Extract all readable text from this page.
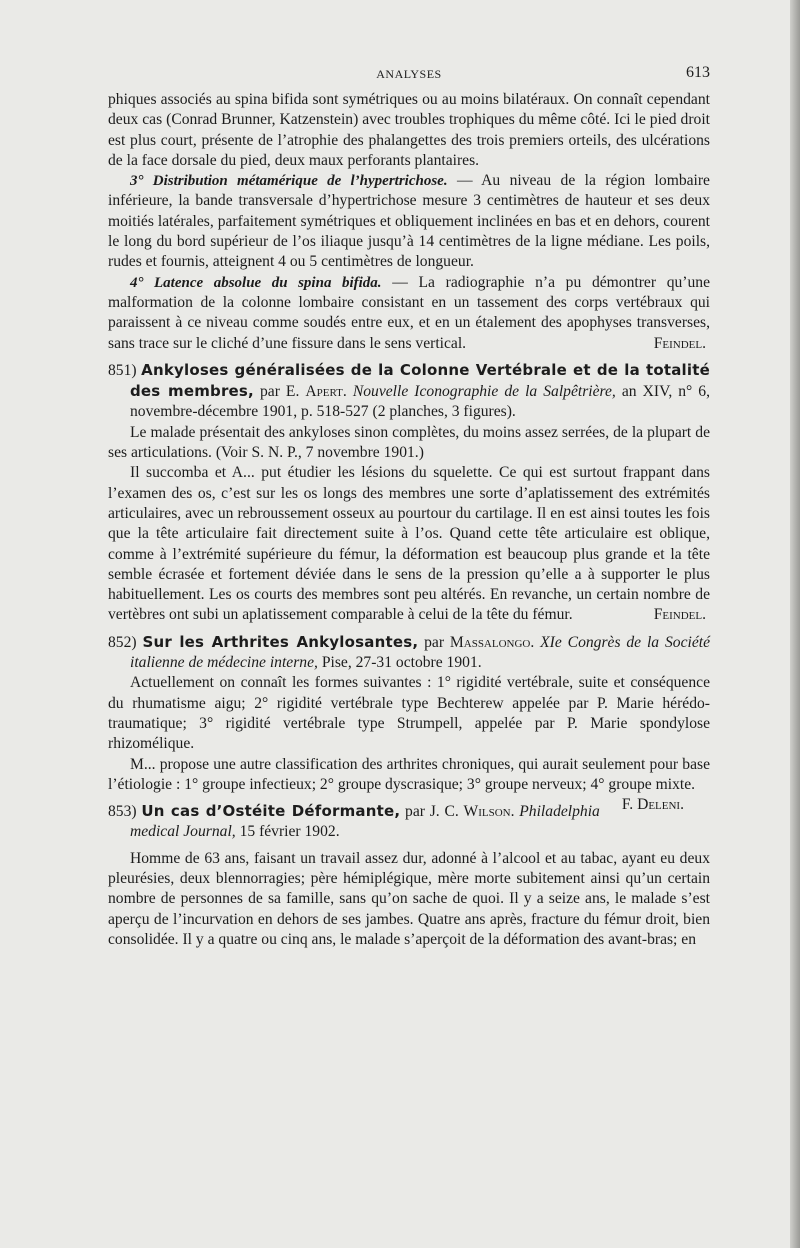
ANALYSES	613

phiques associés au spina bifida sont symétriques ou au moins bilatéraux. On connaît cependant deux cas (Conrad Brunner, Katzenstein) avec troubles trophiques du même côté. Ici le pied droit est plus court, présente de l’atrophie des phalangettes des trois premiers orteils, des ulcérations de la face dorsale du pied, deux maux perforants plantaires.

3° Distribution métamérique de l’hypertrichose. — Au niveau de la région lombaire inférieure, la bande transversale d’hypertrichose mesure 3 centimètres de hauteur et ses deux moitiés latérales, parfaitement symétriques et obliquement inclinées en bas et en dehors, courent le long du bord supérieur de l’os iliaque jusqu’à 14 centimètres de la ligne médiane. Les poils, rudes et fournis, atteignent 4 ou 5 centimètres de longueur.

4° Latence absolue du spina bifida. — La radiographie n’a pu démontrer qu’une malformation de la colonne lombaire consistant en un tassement des corps vertébraux qui paraissent à ce niveau comme soudés entre eux, et en un étalement des apophyses transverses, sans trace sur le cliché d’une fissure dans le sens vertical.	Feindel.

851) Ankyloses généralisées de la Colonne Vertébrale et de la totalité des membres, par E. Apert. Nouvelle Iconographie de la Salpêtrière, an XIV, n° 6, novembre-décembre 1901, p. 518-527 (2 planches, 3 figures).

Le malade présentait des ankyloses sinon complètes, du moins assez serrées, de la plupart de ses articulations. (Voir S. N. P., 7 novembre 1901.)

Il succomba et A... put étudier les lésions du squelette. Ce qui est surtout frappant dans l’examen des os, c’est sur les os longs des membres une sorte d’aplatissement des extrémités articulaires, avec un rebroussement osseux au pourtour du cartilage. Il en est ainsi toutes les fois que la tête articulaire fait directement suite à l’os. Quand cette tête articulaire est oblique, comme à l’extrémité supérieure du fémur, la déformation est beaucoup plus grande et la tête semble écrasée et fortement déviée dans le sens de la pression qu’elle a à supporter le plus habituellement. Les os courts des membres sont peu altérés. En revanche, un certain nombre de vertèbres ont subi un aplatissement comparable à celui de la tête du fémur.	Feindel.

852) Sur les Arthrites Ankylosantes, par Massalongo. XIe Congrès de la Société italienne de médecine interne, Pise, 27-31 octobre 1901.

Actuellement on connaît les formes suivantes : 1° rigidité vertébrale, suite et conséquence du rhumatisme aigu; 2° rigidité vertébrale type Bechterew appelée par P. Marie hérédo-traumatique; 3° rigidité vertébrale type Strumpell, appelée par P. Marie spondylose rhizomélique.

M... propose une autre classification des arthrites chroniques, qui aurait seulement pour base l’étiologie : 1° groupe infectieux; 2° groupe dyscrasique; 3° groupe nerveux; 4° groupe mixte.
F. Deleni.

853) Un cas d’Ostéite Déformante, par J. C. Wilson. Philadelphia medical Journal, 15 février 1902.

Homme de 63 ans, faisant un travail assez dur, adonné à l’alcool et au tabac, ayant eu deux pleurésies, deux blennorragies; père hémiplégique, mère morte subitement ainsi qu’un certain nombre de personnes de sa famille, sans qu’on sache de quoi. Il y a seize ans, le malade s’est aperçu de l’incurvation en dehors de ses jambes. Quatre ans après, fracture du fémur droit, bien consolidée. Il y a quatre ou cinq ans, le malade s’aperçoit de la déformation des avant-bras; en
